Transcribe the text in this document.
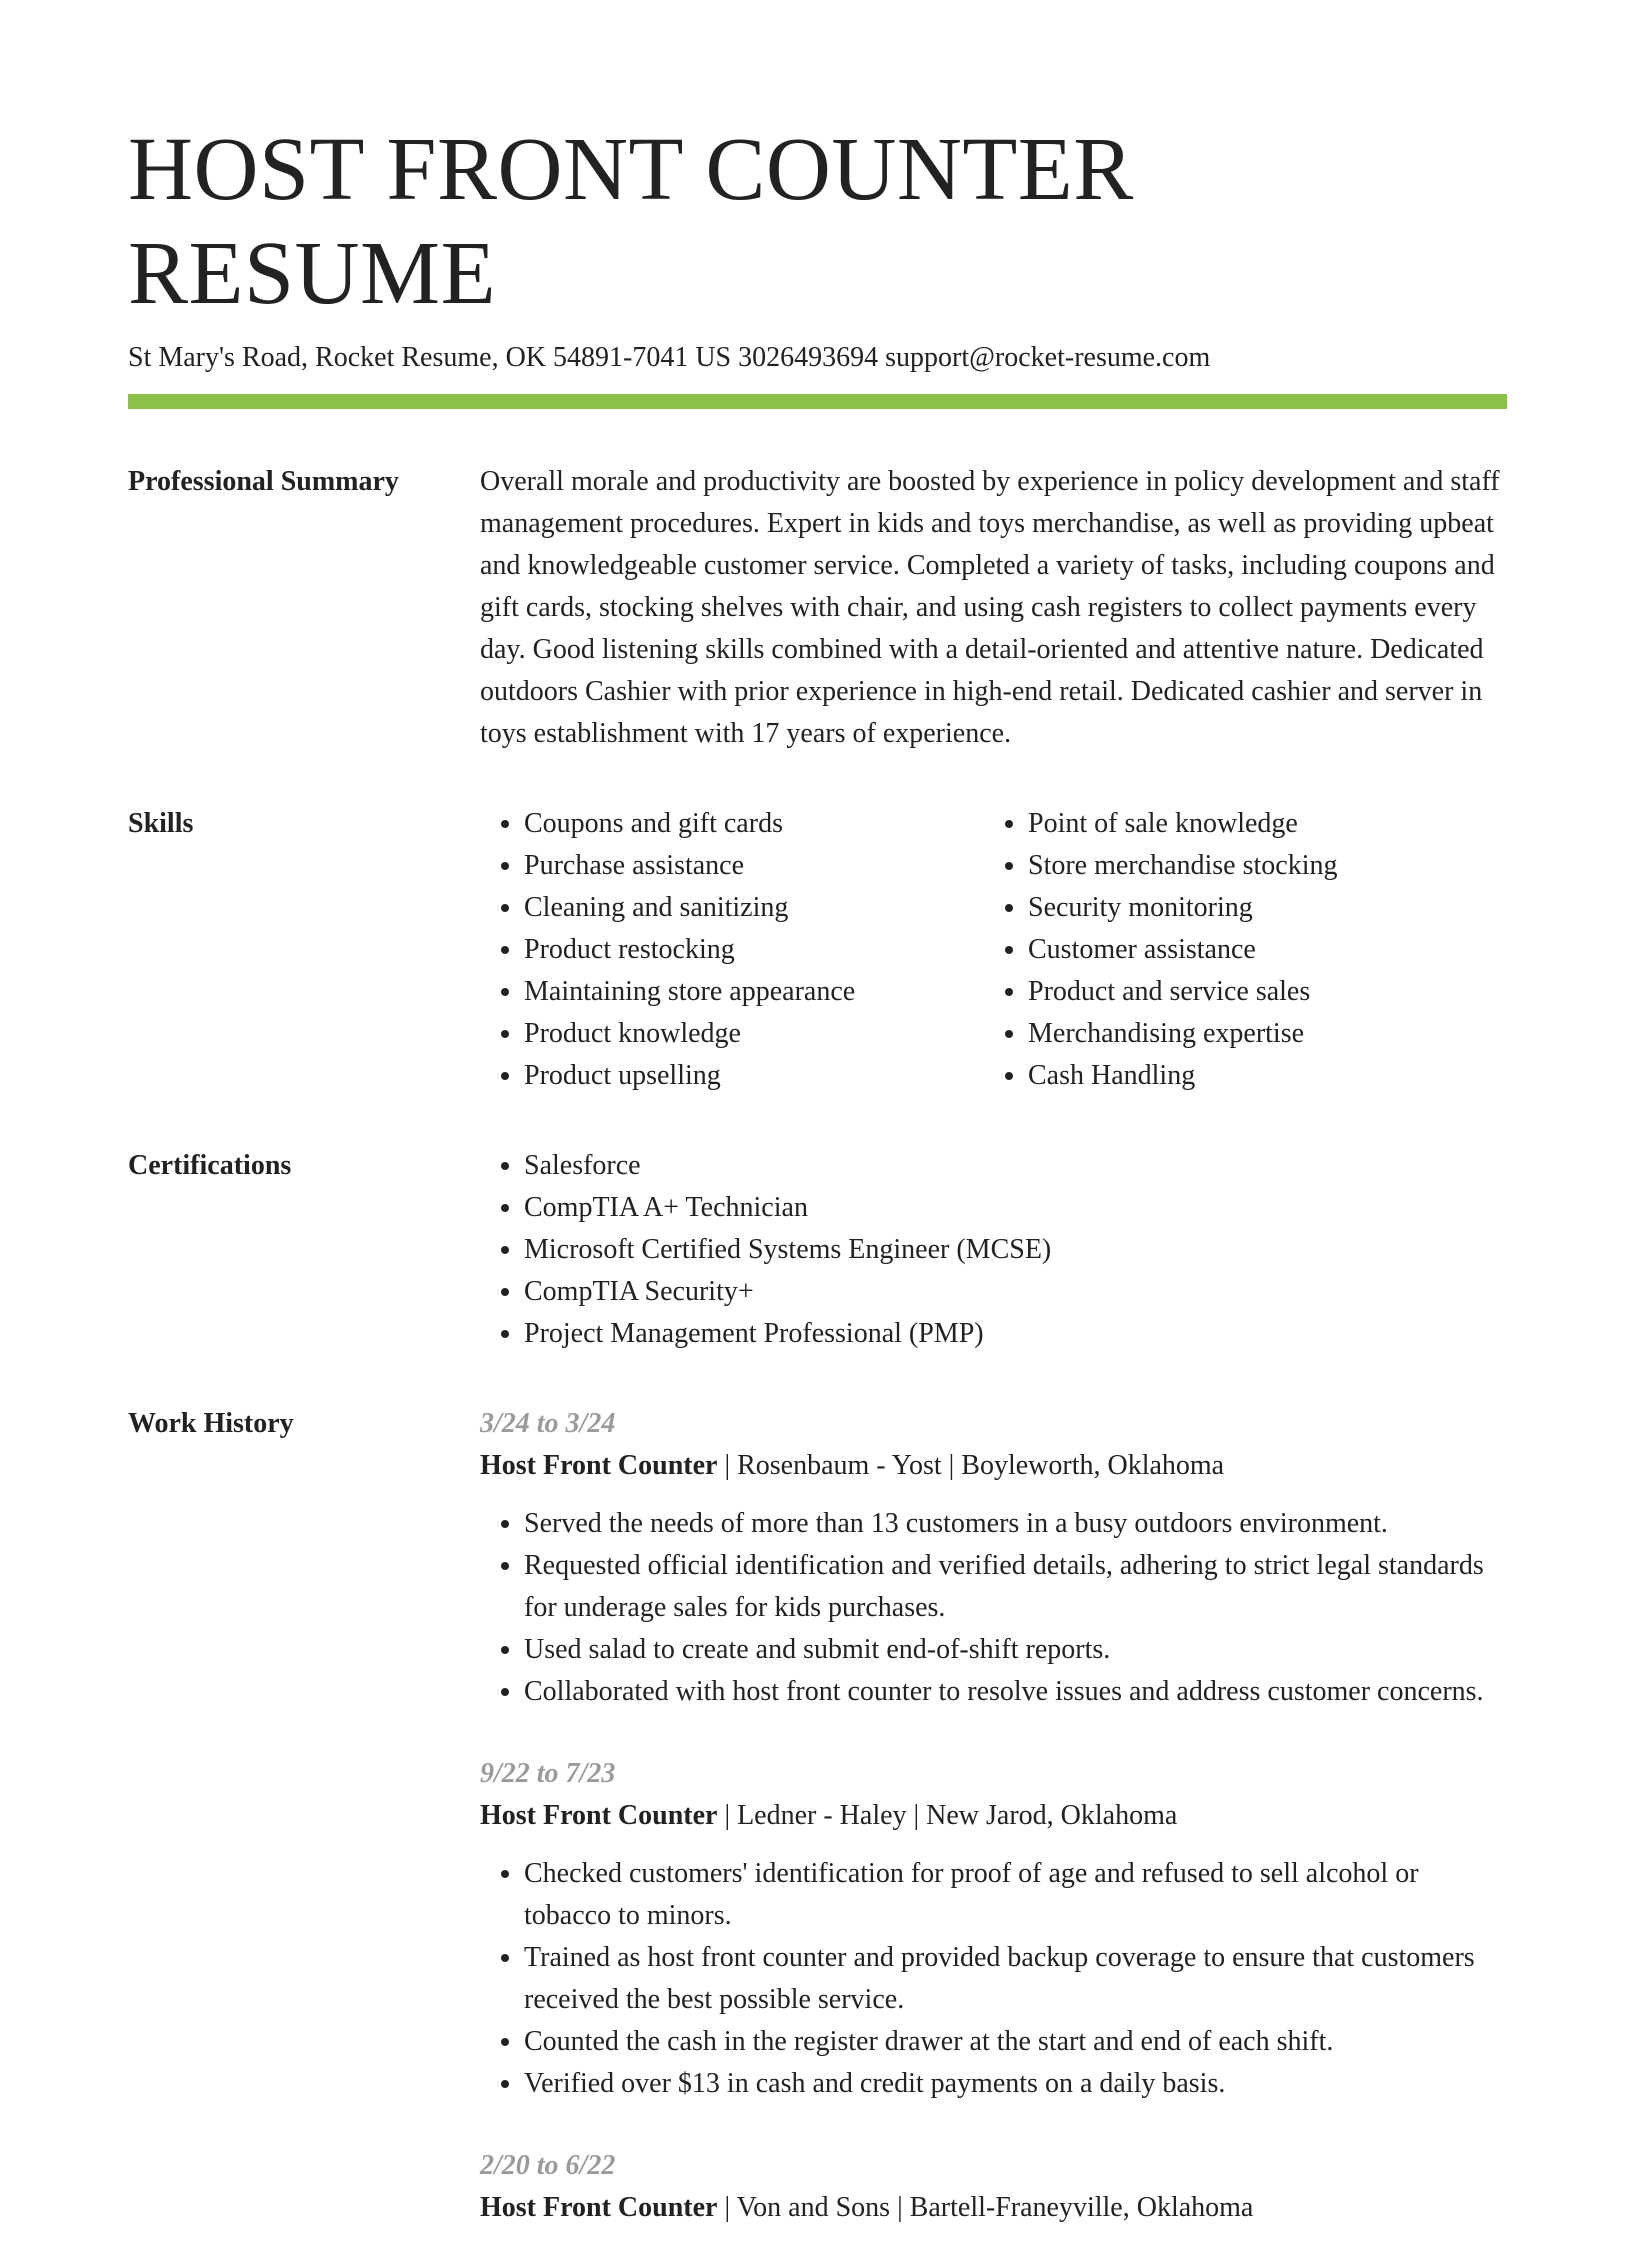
HOST FRONT COUNTER RESUME
St Mary's Road, Rocket Resume, OK 54891-7041 US 3026493694 support@rocket-resume.com
Professional Summary	Overall morale and productivity are boosted by experience in policy development and staff management procedures. Expert in kids and toys merchandise, as well as providing upbeat and knowledgeable customer service. Completed a variety of tasks, including coupons and gift cards, stocking shelves with chair, and using cash registers to collect payments every day. Good listening skills combined with a detail-oriented and attentive nature. Dedicated outdoors Cashier with prior experience in high-end retail. Dedicated cashier and server in toys establishment with 17 years of experience.

Skills	• Coupons and gift cards
• Purchase assistance
• Cleaning and sanitizing
• Product restocking
• Maintaining store appearance
• Product knowledge
• Product upselling
• Point of sale knowledge
• Store merchandise stocking
• Security monitoring
• Customer assistance
• Product and service sales
• Merchandising expertise
• Cash Handling
Certifications	• Salesforce
• CompTIA A+ Technician
• Microsoft Certified Systems Engineer (MCSE)
• CompTIA Security+
• Project Management Professional (PMP)
Work History	3/24 to 3/24
Host Front Counter | Rosenbaum - Yost | Boyleworth, Oklahoma
• Served the needs of more than 13 customers in a busy outdoors environment.
• Requested official identification and verified details, adhering to strict legal standards for underage sales for kids purchases.
• Used salad to create and submit end-of-shift reports.
• Collaborated with host front counter to resolve issues and address customer concerns.
9/22 to 7/23
Host Front Counter | Ledner - Haley | New Jarod, Oklahoma
• Checked customers' identification for proof of age and refused to sell alcohol or tobacco to minors.
• Trained as host front counter and provided backup coverage to ensure that customers received the best possible service.
• Counted the cash in the register drawer at the start and end of each shift.
• Verified over $13 in cash and credit payments on a daily basis.
2/20 to 6/22
Host Front Counter | Von and Sons | Bartell-Franeyville, Oklahoma
